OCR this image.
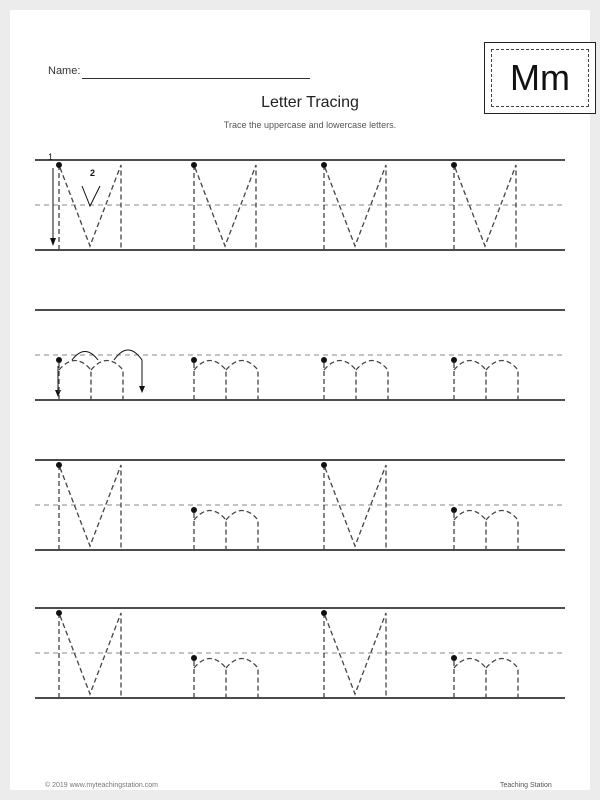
Name:
Letter Tracing
Trace the uppercase and lowercase letters.
Mm
1
2
© 2019 www.myteachingstation.com	Teaching Station
